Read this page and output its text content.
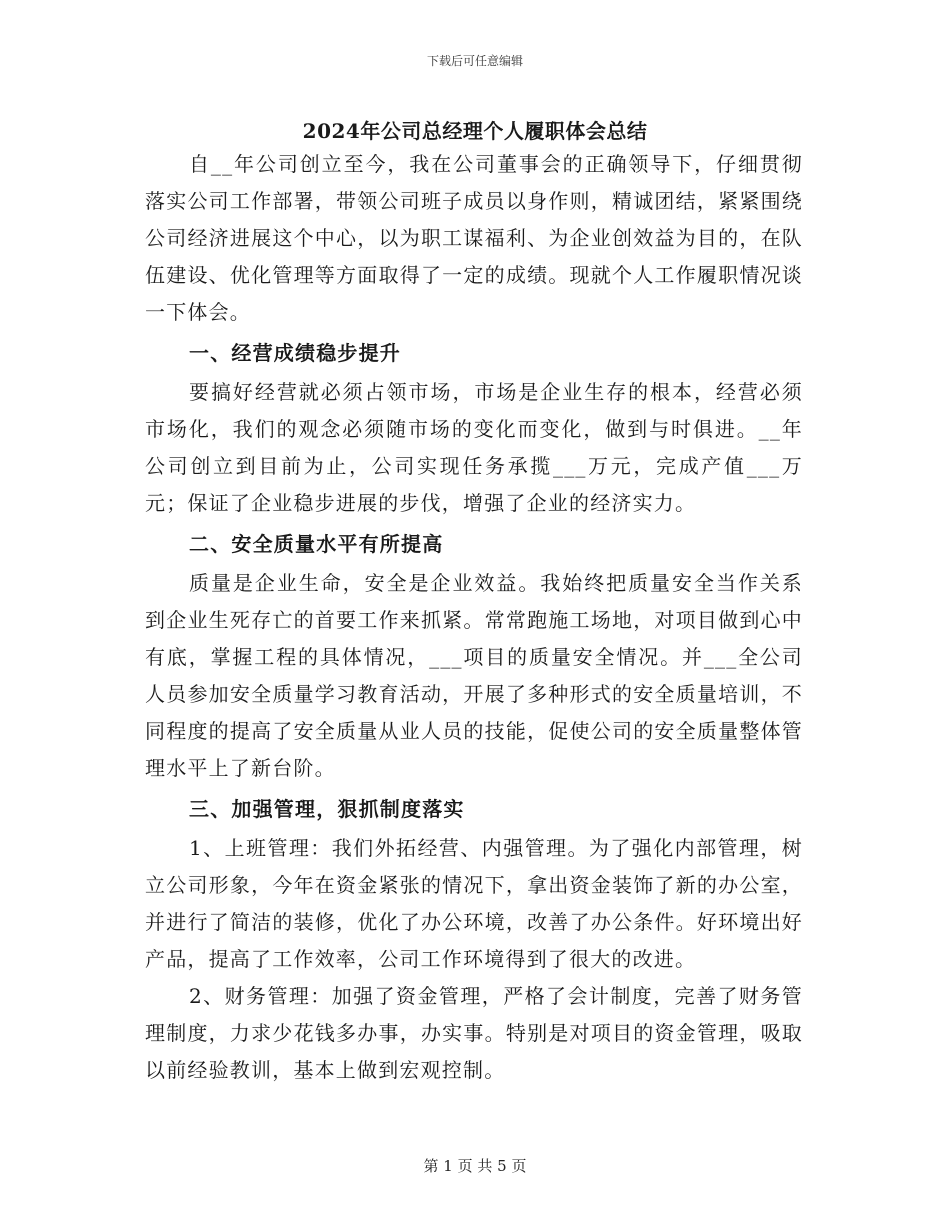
下载后可任意编辑
2024年公司总经理个人履职体会总结

自__年公司创立至今，我在公司董事会的正确领导下，仔细贯彻落实公司工作部署，带领公司班子成员以身作则，精诚团结，紧紧围绕公司经济进展这个中心，以为职工谋福利、为企业创效益为目的，在队伍建设、优化管理等方面取得了一定的成绩。现就个人工作履职情况谈一下体会。

一、经营成绩稳步提升

要搞好经营就必须占领市场，市场是企业生存的根本，经营必须市场化，我们的观念必须随市场的变化而变化，做到与时俱进。__年公司创立到目前为止，公司实现任务承揽___万元，完成产值___万元；保证了企业稳步进展的步伐，增强了企业的经济实力。

二、安全质量水平有所提高

质量是企业生命，安全是企业效益。我始终把质量安全当作关系到企业生死存亡的首要工作来抓紧。常常跑施工场地，对项目做到心中有底，掌握工程的具体情况，___项目的质量安全情况。并___全公司人员参加安全质量学习教育活动，开展了多种形式的安全质量培训，不同程度的提高了安全质量从业人员的技能，促使公司的安全质量整体管理水平上了新台阶。

三、加强管理，狠抓制度落实

1、上班管理：我们外拓经营、内强管理。为了强化内部管理，树立公司形象，今年在资金紧张的情况下，拿出资金装饰了新的办公室，并进行了简洁的装修，优化了办公环境，改善了办公条件。好环境出好产品，提高了工作效率，公司工作环境得到了很大的改进。

2、财务管理：加强了资金管理，严格了会计制度，完善了财务管理制度，力求少花钱多办事，办实事。特别是对项目的资金管理，吸取以前经验教训，基本上做到宏观控制。

第 1 页 共 5 页
